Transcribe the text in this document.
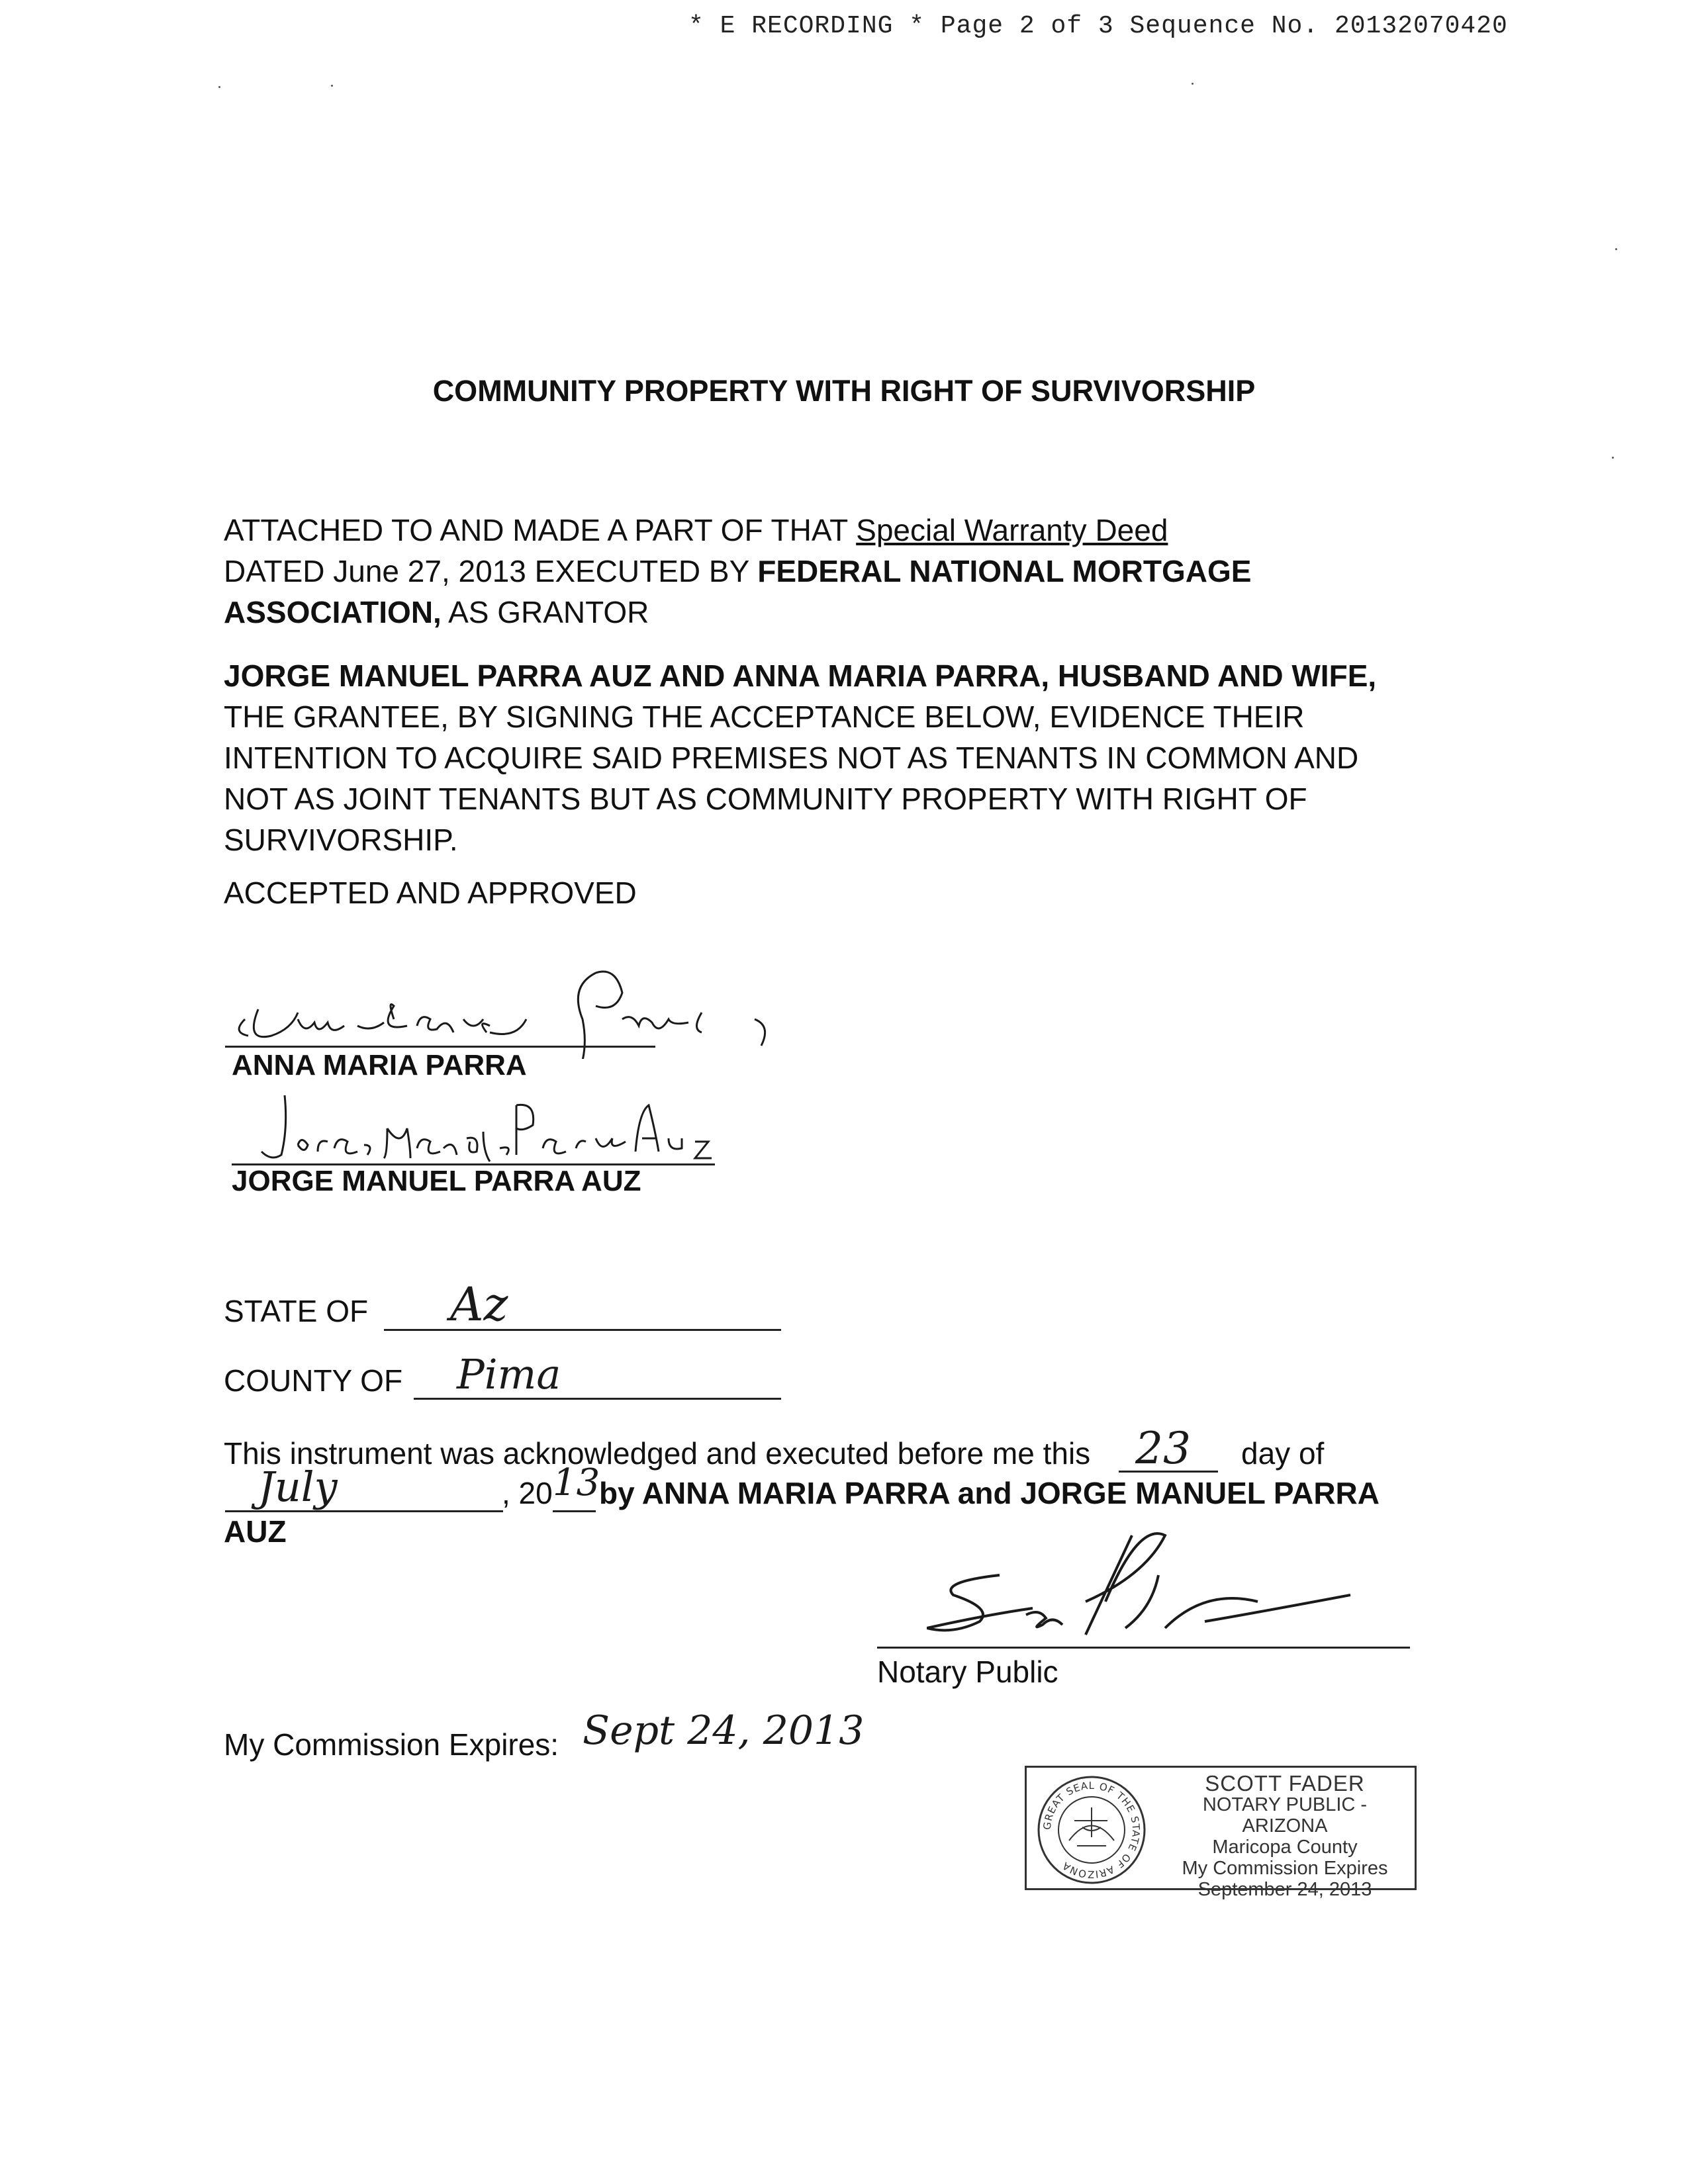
* E RECORDING * Page 2 of 3 Sequence No. 20132070420
COMMUNITY PROPERTY WITH RIGHT OF SURVIVORSHIP
ATTACHED TO AND MADE A PART OF THAT Special Warranty Deed
DATED June 27, 2013 EXECUTED BY FEDERAL NATIONAL MORTGAGE
ASSOCIATION, AS GRANTOR
JORGE MANUEL PARRA AUZ AND ANNA MARIA PARRA, HUSBAND AND WIFE,
THE GRANTEE, BY SIGNING THE ACCEPTANCE BELOW, EVIDENCE THEIR
INTENTION TO ACQUIRE SAID PREMISES NOT AS TENANTS IN COMMON AND
NOT AS JOINT TENANTS BUT AS COMMUNITY PROPERTY WITH RIGHT OF
SURVIVORSHIP.
ACCEPTED AND APPROVED
ANNA MARIA PARRA
JORGE MANUEL PARRA AUZ
STATE OF	Az
COUNTY OF	Pima
This instrument was acknowledged and executed before me this	23 day of
July	, 20 13
by ANNA MARIA PARRA and JORGE MANUEL PARRA
AUZ
Notary Public
My Commission Expires: Sept 24, 2013
GREAT SEAL OF THE STATE OF ARIZONA
SCOTT FADER
NOTARY PUBLIC - ARIZONA
Maricopa County
My Commission Expires
September 24, 2013
